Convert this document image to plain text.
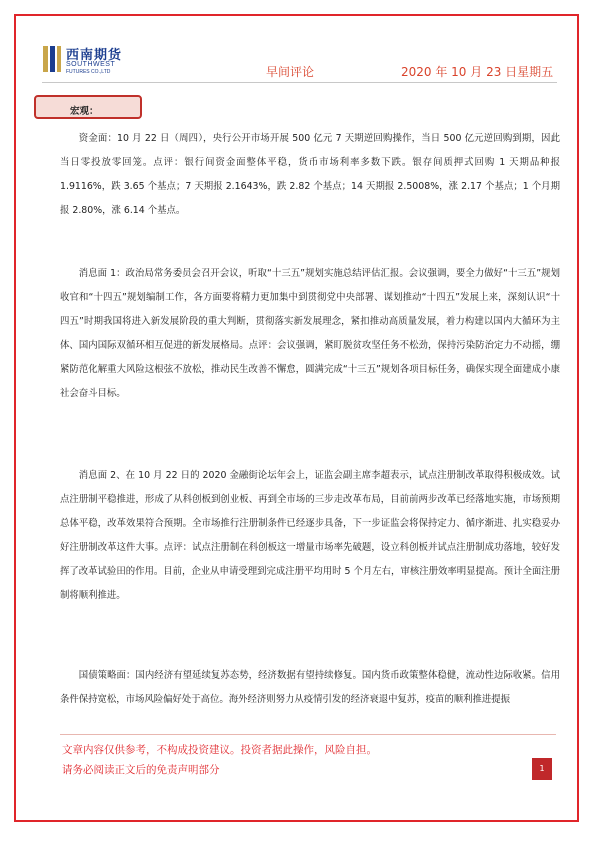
西南期货
SOUTHWEST
FUTURES CO.,LTD	早间评论	2020 年 10 月 23 日星期五
宏观：

资金面：10 月 22 日（周四），央行公开市场开展 500 亿元 7 天期逆回购操作，当日 500 亿元逆回购到期，因此当日零投放零回笼。点评：银行间资金面整体平稳，货币市场利率多数下跌。银存间质押式回购 1 天期品种报 1.9116%，跌 3.65 个基点；7 天期报 2.1643%，跌 2.82 个基点；14 天期报 2.5008%，涨 2.17 个基点；1 个月期报 2.80%，涨 6.14 个基点。

消息面 1：政治局常务委员会召开会议，听取“十三五”规划实施总结评估汇报。会议强调，要全力做好“十三五”规划收官和“十四五”规划编制工作，各方面要将精力更加集中到贯彻党中央部署、谋划推动“十四五”发展上来，深刻认识“十四五”时期我国将进入新发展阶段的重大判断，贯彻落实新发展理念，紧扣推动高质量发展，着力构建以国内大循环为主体、国内国际双循环相互促进的新发展格局。点评：会议强调，紧盯脱贫攻坚任务不松劲，保持污染防治定力不动摇，绷紧防范化解重大风险这根弦不放松，推动民生改善不懈怠，圆满完成“十三五”规划各项目标任务，确保实现全面建成小康社会奋斗目标。

消息面 2、在 10 月 22 日的 2020 金融街论坛年会上，证监会副主席李超表示，试点注册制改革取得积极成效。试点注册制平稳推进，形成了从科创板到创业板、再到全市场的三步走改革布局，目前前两步改革已经落地实施，市场预期总体平稳，改革效果符合预期。全市场推行注册制条件已经逐步具备，下一步证监会将保持定力、循序渐进、扎实稳妥办好注册制改革这件大事。点评：试点注册制在科创板这一增量市场率先破题，设立科创板并试点注册制成功落地，较好发挥了改革试验田的作用。目前，企业从申请受理到完成注册平均用时 5 个月左右，审核注册效率明显提高。预计全面注册制将顺利推进。

国债策略面：国内经济有望延续复苏态势，经济数据有望持续修复。国内货币政策整体稳健，流动性边际收紧。信用条件保持宽松，市场风险偏好处于高位。海外经济则努力从疫情引发的经济衰退中复苏，疫苗的顺利推进提振

文章内容仅供参考，不构成投资建议。投资者据此操作，风险自担。
请务必阅读正文后的免责声明部分	1
